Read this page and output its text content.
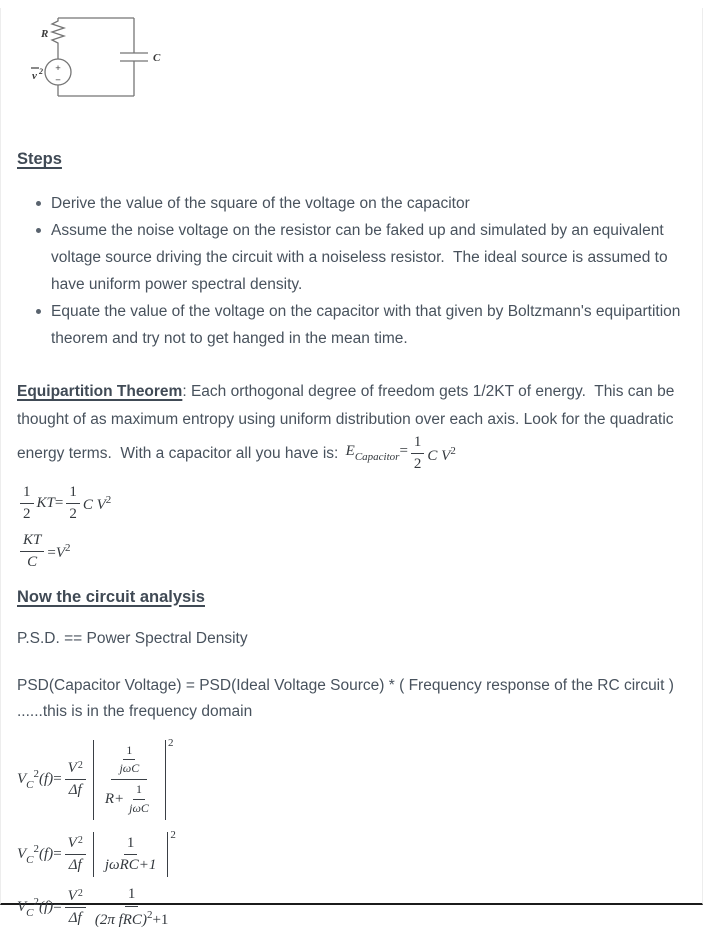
R
C
v 2 +
−
Steps
Derive the value of the square of the voltage on the capacitor
Assume the noise voltage on the resistor can be faked up and simulated by an equivalent voltage source driving the circuit with a noiseless resistor.  The ideal source is assumed to have uniform power spectral density.
Equate the value of the voltage on the capacitor with that given by Boltzmann's equipartition theorem and try not to get hanged in the mean time.

Equipartition Theorem: Each orthogonal degree of freedom gets 1/2KT of energy.  This can be thought of as maximum entropy using uniform distribution over each axis. Look for the quadratic energy terms.  With a capacitor all you have is: $E_{Capacitor}= \frac{1}{2}$ C $V^2$

$\frac{1}{2} KT= \frac{1}{2}$ C $V^2$
$\frac{KT}{C} =V^2$
Now the circuit analysis
P.S.D. == Power Spectral Density
PSD(Capacitor Voltage) = PSD(Ideal Voltage Source) * ( Frequency response of the RC circuit )
......this is in the frequency domain
$V_C^2(f)= \frac{V^2}{\Delta f} \frac{\frac{1}{\text{jωC}}}{R+ \frac{1}{\text{jωC}}} 2$
$V_C^2(f)= \frac{V^2}{\Delta f} \frac{1}{\text{jωRC+1}} 2$
$V_C^2(f)= \frac{V^2}{\Delta f} \frac{1}{(2\pi fRC)^2+1}$
